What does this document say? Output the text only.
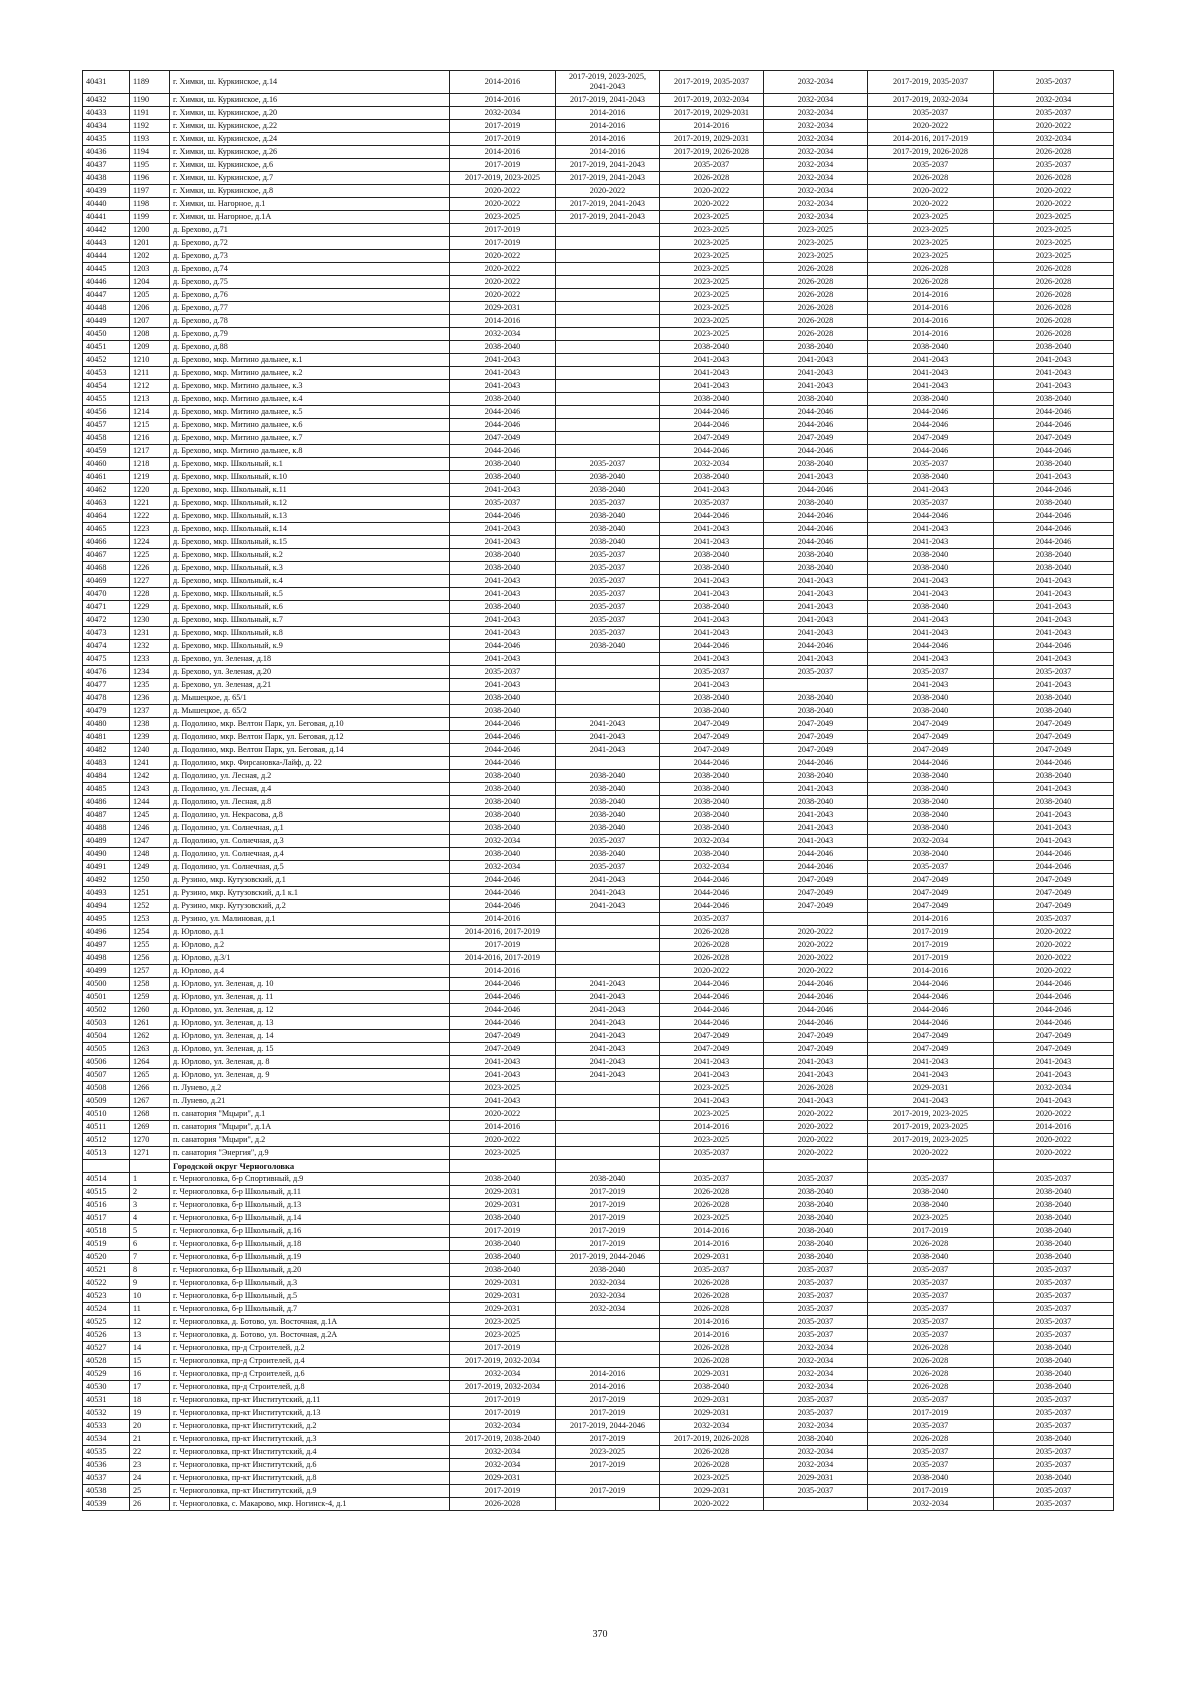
40431	1189	г. Химки, ш. Куркинское, д.14	2014-2016	2017-2019, 2023-2025, 2041-2043	2017-2019, 2035-2037	2032-2034	2017-2019, 2035-2037	2035-2037
40432	1190	г. Химки, ш. Куркинское, д.16	2014-2016	2017-2019, 2041-2043	2017-2019, 2032-2034	2032-2034	2017-2019, 2032-2034	2032-2034
40433	1191	г. Химки, ш. Куркинское, д.20	2032-2034	2014-2016	2017-2019, 2029-2031	2032-2034	2035-2037	2035-2037
40434	1192	г. Химки, ш. Куркинское, д.22	2017-2019	2014-2016	2014-2016	2032-2034	2020-2022	2020-2022
40435	1193	г. Химки, ш. Куркинское, д.24	2017-2019	2014-2016	2017-2019, 2029-2031	2032-2034	2014-2016, 2017-2019	2032-2034
40436	1194	г. Химки, ш. Куркинское, д.26	2014-2016	2014-2016	2017-2019, 2026-2028	2032-2034	2017-2019, 2026-2028	2026-2028
40437	1195	г. Химки, ш. Куркинское, д.6	2017-2019	2017-2019, 2041-2043	2035-2037	2032-2034	2035-2037	2035-2037
40438	1196	г. Химки, ш. Куркинское, д.7	2017-2019, 2023-2025	2017-2019, 2041-2043	2026-2028	2032-2034	2026-2028	2026-2028
40439	1197	г. Химки, ш. Куркинское, д.8	2020-2022	2020-2022	2020-2022	2032-2034	2020-2022	2020-2022
40440	1198	г. Химки, ш. Нагорное, д.1	2020-2022	2017-2019, 2041-2043	2020-2022	2032-2034	2020-2022	2020-2022
40441	1199	г. Химки, ш. Нагорное, д.1А	2023-2025	2017-2019, 2041-2043	2023-2025	2032-2034	2023-2025	2023-2025
40442	1200	д. Брехово, д.71	2017-2019		2023-2025	2023-2025	2023-2025	2023-2025
40443	1201	д. Брехово, д.72	2017-2019		2023-2025	2023-2025	2023-2025	2023-2025
40444	1202	д. Брехово, д.73	2020-2022		2023-2025	2023-2025	2023-2025	2023-2025
40445	1203	д. Брехово, д.74	2020-2022		2023-2025	2026-2028	2026-2028	2026-2028
40446	1204	д. Брехово, д.75	2020-2022		2023-2025	2026-2028	2026-2028	2026-2028
40447	1205	д. Брехово, д.76	2020-2022		2023-2025	2026-2028	2014-2016	2026-2028
40448	1206	д. Брехово, д.77	2029-2031		2023-2025	2026-2028	2014-2016	2026-2028
40449	1207	д. Брехово, д.78	2014-2016		2023-2025	2026-2028	2014-2016	2026-2028
40450	1208	д. Брехово, д.79	2032-2034		2023-2025	2026-2028	2014-2016	2026-2028
40451	1209	д. Брехово, д.88	2038-2040		2038-2040	2038-2040	2038-2040	2038-2040
40452	1210	д. Брехово, мкр. Митино дальнее, к.1	2041-2043		2041-2043	2041-2043	2041-2043	2041-2043
40453	1211	д. Брехово, мкр. Митино дальнее, к.2	2041-2043		2041-2043	2041-2043	2041-2043	2041-2043
40454	1212	д. Брехово, мкр. Митино дальнее, к.3	2041-2043		2041-2043	2041-2043	2041-2043	2041-2043
40455	1213	д. Брехово, мкр. Митино дальнее, к.4	2038-2040		2038-2040	2038-2040	2038-2040	2038-2040
40456	1214	д. Брехово, мкр. Митино дальнее, к.5	2044-2046		2044-2046	2044-2046	2044-2046	2044-2046
40457	1215	д. Брехово, мкр. Митино дальнее, к.6	2044-2046		2044-2046	2044-2046	2044-2046	2044-2046
40458	1216	д. Брехово, мкр. Митино дальнее, к.7	2047-2049		2047-2049	2047-2049	2047-2049	2047-2049
40459	1217	д. Брехово, мкр. Митино дальнее, к.8	2044-2046		2044-2046	2044-2046	2044-2046	2044-2046
40460	1218	д. Брехово, мкр. Школьный, к.1	2038-2040	2035-2037	2032-2034	2038-2040	2035-2037	2038-2040
40461	1219	д. Брехово, мкр. Школьный, к.10	2038-2040	2038-2040	2038-2040	2041-2043	2038-2040	2041-2043
40462	1220	д. Брехово, мкр. Школьный, к.11	2041-2043	2038-2040	2041-2043	2044-2046	2041-2043	2044-2046
40463	1221	д. Брехово, мкр. Школьный, к.12	2035-2037	2035-2037	2035-2037	2038-2040	2035-2037	2038-2040
40464	1222	д. Брехово, мкр. Школьный, к.13	2044-2046	2038-2040	2044-2046	2044-2046	2044-2046	2044-2046
40465	1223	д. Брехово, мкр. Школьный, к.14	2041-2043	2038-2040	2041-2043	2044-2046	2041-2043	2044-2046
40466	1224	д. Брехово, мкр. Школьный, к.15	2041-2043	2038-2040	2041-2043	2044-2046	2041-2043	2044-2046
40467	1225	д. Брехово, мкр. Школьный, к.2	2038-2040	2035-2037	2038-2040	2038-2040	2038-2040	2038-2040
40468	1226	д. Брехово, мкр. Школьный, к.3	2038-2040	2035-2037	2038-2040	2038-2040	2038-2040	2038-2040
40469	1227	д. Брехово, мкр. Школьный, к.4	2041-2043	2035-2037	2041-2043	2041-2043	2041-2043	2041-2043
40470	1228	д. Брехово, мкр. Школьный, к.5	2041-2043	2035-2037	2041-2043	2041-2043	2041-2043	2041-2043
40471	1229	д. Брехово, мкр. Школьный, к.6	2038-2040	2035-2037	2038-2040	2041-2043	2038-2040	2041-2043
40472	1230	д. Брехово, мкр. Школьный, к.7	2041-2043	2035-2037	2041-2043	2041-2043	2041-2043	2041-2043
40473	1231	д. Брехово, мкр. Школьный, к.8	2041-2043	2035-2037	2041-2043	2041-2043	2041-2043	2041-2043
40474	1232	д. Брехово, мкр. Школьный, к.9	2044-2046	2038-2040	2044-2046	2044-2046	2044-2046	2044-2046
40475	1233	д. Брехово, ул. Зеленая, д.18	2041-2043		2041-2043	2041-2043	2041-2043	2041-2043
40476	1234	д. Брехово, ул. Зеленая, д.20	2035-2037		2035-2037	2035-2037	2035-2037	2035-2037
40477	1235	д. Брехово, ул. Зеленая, д.21	2041-2043		2041-2043		2041-2043	2041-2043
40478	1236	д. Мышецкое, д. 65/1	2038-2040		2038-2040	2038-2040	2038-2040	2038-2040
40479	1237	д. Мышецкое, д. 65/2	2038-2040		2038-2040	2038-2040	2038-2040	2038-2040
40480	1238	д. Подолино, мкр. Велтон Парк, ул. Беговая, д.10	2044-2046	2041-2043	2047-2049	2047-2049	2047-2049	2047-2049
40481	1239	д. Подолино, мкр. Велтон Парк, ул. Беговая, д.12	2044-2046	2041-2043	2047-2049	2047-2049	2047-2049	2047-2049
40482	1240	д. Подолино, мкр. Велтон Парк, ул. Беговая, д.14	2044-2046	2041-2043	2047-2049	2047-2049	2047-2049	2047-2049
40483	1241	д. Подолино, мкр. Фирсановка-Лайф, д. 22	2044-2046		2044-2046	2044-2046	2044-2046	2044-2046
40484	1242	д. Подолино, ул. Лесная, д.2	2038-2040	2038-2040	2038-2040	2038-2040	2038-2040	2038-2040
40485	1243	д. Подолино, ул. Лесная, д.4	2038-2040	2038-2040	2038-2040	2041-2043	2038-2040	2041-2043
40486	1244	д. Подолино, ул. Лесная, д.8	2038-2040	2038-2040	2038-2040	2038-2040	2038-2040	2038-2040
40487	1245	д. Подолино, ул. Некрасова, д.8	2038-2040	2038-2040	2038-2040	2041-2043	2038-2040	2041-2043
40488	1246	д. Подолино, ул. Солнечная, д.1	2038-2040	2038-2040	2038-2040	2041-2043	2038-2040	2041-2043
40489	1247	д. Подолино, ул. Солнечная, д.3	2032-2034	2035-2037	2032-2034	2041-2043	2032-2034	2041-2043
40490	1248	д. Подолино, ул. Солнечная, д.4	2038-2040	2038-2040	2038-2040	2044-2046	2038-2040	2044-2046
40491	1249	д. Подолино, ул. Солнечная, д.5	2032-2034	2035-2037	2032-2034	2044-2046	2035-2037	2044-2046
40492	1250	д. Рузино, мкр. Кутузовский, д.1	2044-2046	2041-2043	2044-2046	2047-2049	2047-2049	2047-2049
40493	1251	д. Рузино, мкр. Кутузовский, д.1 к.1	2044-2046	2041-2043	2044-2046	2047-2049	2047-2049	2047-2049
40494	1252	д. Рузино, мкр. Кутузовский, д.2	2044-2046	2041-2043	2044-2046	2047-2049	2047-2049	2047-2049
40495	1253	д. Рузино, ул. Малиновая, д.1	2014-2016		2035-2037		2014-2016	2035-2037
40496	1254	д. Юрлово, д.1	2014-2016, 2017-2019		2026-2028	2020-2022	2017-2019	2020-2022
40497	1255	д. Юрлово, д.2	2017-2019		2026-2028	2020-2022	2017-2019	2020-2022
40498	1256	д. Юрлово, д.3/1	2014-2016, 2017-2019		2026-2028	2020-2022	2017-2019	2020-2022
40499	1257	д. Юрлово, д.4	2014-2016		2020-2022	2020-2022	2014-2016	2020-2022
40500	1258	д. Юрлово, ул. Зеленая, д. 10	2044-2046	2041-2043	2044-2046	2044-2046	2044-2046	2044-2046
40501	1259	д. Юрлово, ул. Зеленая, д. 11	2044-2046	2041-2043	2044-2046	2044-2046	2044-2046	2044-2046
40502	1260	д. Юрлово, ул. Зеленая, д. 12	2044-2046	2041-2043	2044-2046	2044-2046	2044-2046	2044-2046
40503	1261	д. Юрлово, ул. Зеленая, д. 13	2044-2046	2041-2043	2044-2046	2044-2046	2044-2046	2044-2046
40504	1262	д. Юрлово, ул. Зеленая, д. 14	2047-2049	2041-2043	2047-2049	2047-2049	2047-2049	2047-2049
40505	1263	д. Юрлово, ул. Зеленая, д. 15	2047-2049	2041-2043	2047-2049	2047-2049	2047-2049	2047-2049
40506	1264	д. Юрлово, ул. Зеленая, д. 8	2041-2043	2041-2043	2041-2043	2041-2043	2041-2043	2041-2043
40507	1265	д. Юрлово, ул. Зеленая, д. 9	2041-2043	2041-2043	2041-2043	2041-2043	2041-2043	2041-2043
40508	1266	п. Лунево, д.2	2023-2025		2023-2025	2026-2028	2029-2031	2032-2034
40509	1267	п. Лунево, д.21	2041-2043		2041-2043	2041-2043	2041-2043	2041-2043
40510	1268	п. санатория "Мцыри", д.1	2020-2022		2023-2025	2020-2022	2017-2019, 2023-2025	2020-2022
40511	1269	п. санатория "Мцыри", д.1А	2014-2016		2014-2016	2020-2022	2017-2019, 2023-2025	2014-2016
40512	1270	п. санатория "Мцыри", д.2	2020-2022		2023-2025	2020-2022	2017-2019, 2023-2025	2020-2022
40513	1271	п. санатория "Энергия", д.9	2023-2025		2035-2037	2020-2022	2020-2022	2020-2022
		Городской округ Черноголовка						
40514	1	г. Черноголовка, б-р Спортивный, д.9	2038-2040	2038-2040	2035-2037	2035-2037	2035-2037	2035-2037
40515	2	г. Черноголовка, б-р Школьный, д.11	2029-2031	2017-2019	2026-2028	2038-2040	2038-2040	2038-2040
40516	3	г. Черноголовка, б-р Школьный, д.13	2029-2031	2017-2019	2026-2028	2038-2040	2038-2040	2038-2040
40517	4	г. Черноголовка, б-р Школьный, д.14	2038-2040	2017-2019	2023-2025	2038-2040	2023-2025	2038-2040
40518	5	г. Черноголовка, б-р Школьный, д.16	2017-2019	2017-2019	2014-2016	2038-2040	2017-2019	2038-2040
40519	6	г. Черноголовка, б-р Школьный, д.18	2038-2040	2017-2019	2014-2016	2038-2040	2026-2028	2038-2040
40520	7	г. Черноголовка, б-р Школьный, д.19	2038-2040	2017-2019, 2044-2046	2029-2031	2038-2040	2038-2040	2038-2040
40521	8	г. Черноголовка, б-р Школьный, д.20	2038-2040	2038-2040	2035-2037	2035-2037	2035-2037	2035-2037
40522	9	г. Черноголовка, б-р Школьный, д.3	2029-2031	2032-2034	2026-2028	2035-2037	2035-2037	2035-2037
40523	10	г. Черноголовка, б-р Школьный, д.5	2029-2031	2032-2034	2026-2028	2035-2037	2035-2037	2035-2037
40524	11	г. Черноголовка, б-р Школьный, д.7	2029-2031	2032-2034	2026-2028	2035-2037	2035-2037	2035-2037
40525	12	г. Черноголовка, д. Ботово, ул. Восточная, д.1А	2023-2025		2014-2016	2035-2037	2035-2037	2035-2037
40526	13	г. Черноголовка, д. Ботово, ул. Восточная, д.2А	2023-2025		2014-2016	2035-2037	2035-2037	2035-2037
40527	14	г. Черноголовка, пр-д Строителей, д.2	2017-2019		2026-2028	2032-2034	2026-2028	2038-2040
40528	15	г. Черноголовка, пр-д Строителей, д.4	2017-2019, 2032-2034		2026-2028	2032-2034	2026-2028	2038-2040
40529	16	г. Черноголовка, пр-д Строителей, д.6	2032-2034	2014-2016	2029-2031	2032-2034	2026-2028	2038-2040
40530	17	г. Черноголовка, пр-д Строителей, д.8	2017-2019, 2032-2034	2014-2016	2038-2040	2032-2034	2026-2028	2038-2040
40531	18	г. Черноголовка, пр-кт Институтский, д.11	2017-2019	2017-2019	2029-2031	2035-2037	2035-2037	2035-2037
40532	19	г. Черноголовка, пр-кт Институтский, д.13	2017-2019	2017-2019	2029-2031	2035-2037	2017-2019	2035-2037
40533	20	г. Черноголовка, пр-кт Институтский, д.2	2032-2034	2017-2019, 2044-2046	2032-2034	2032-2034	2035-2037	2035-2037
40534	21	г. Черноголовка, пр-кт Институтский, д.3	2017-2019, 2038-2040	2017-2019	2017-2019, 2026-2028	2038-2040	2026-2028	2038-2040
40535	22	г. Черноголовка, пр-кт Институтский, д.4	2032-2034	2023-2025	2026-2028	2032-2034	2035-2037	2035-2037
40536	23	г. Черноголовка, пр-кт Институтский, д.6	2032-2034	2017-2019	2026-2028	2032-2034	2035-2037	2035-2037
40537	24	г. Черноголовка, пр-кт Институтский, д.8	2029-2031		2023-2025	2029-2031	2038-2040	2038-2040
40538	25	г. Черноголовка, пр-кт Институтский, д.9	2017-2019	2017-2019	2029-2031	2035-2037	2017-2019	2035-2037
40539	26	г. Черноголовка, с. Макарово, мкр. Ногинск-4, д.1	2026-2028		2020-2022		2032-2034	2035-2037
370
